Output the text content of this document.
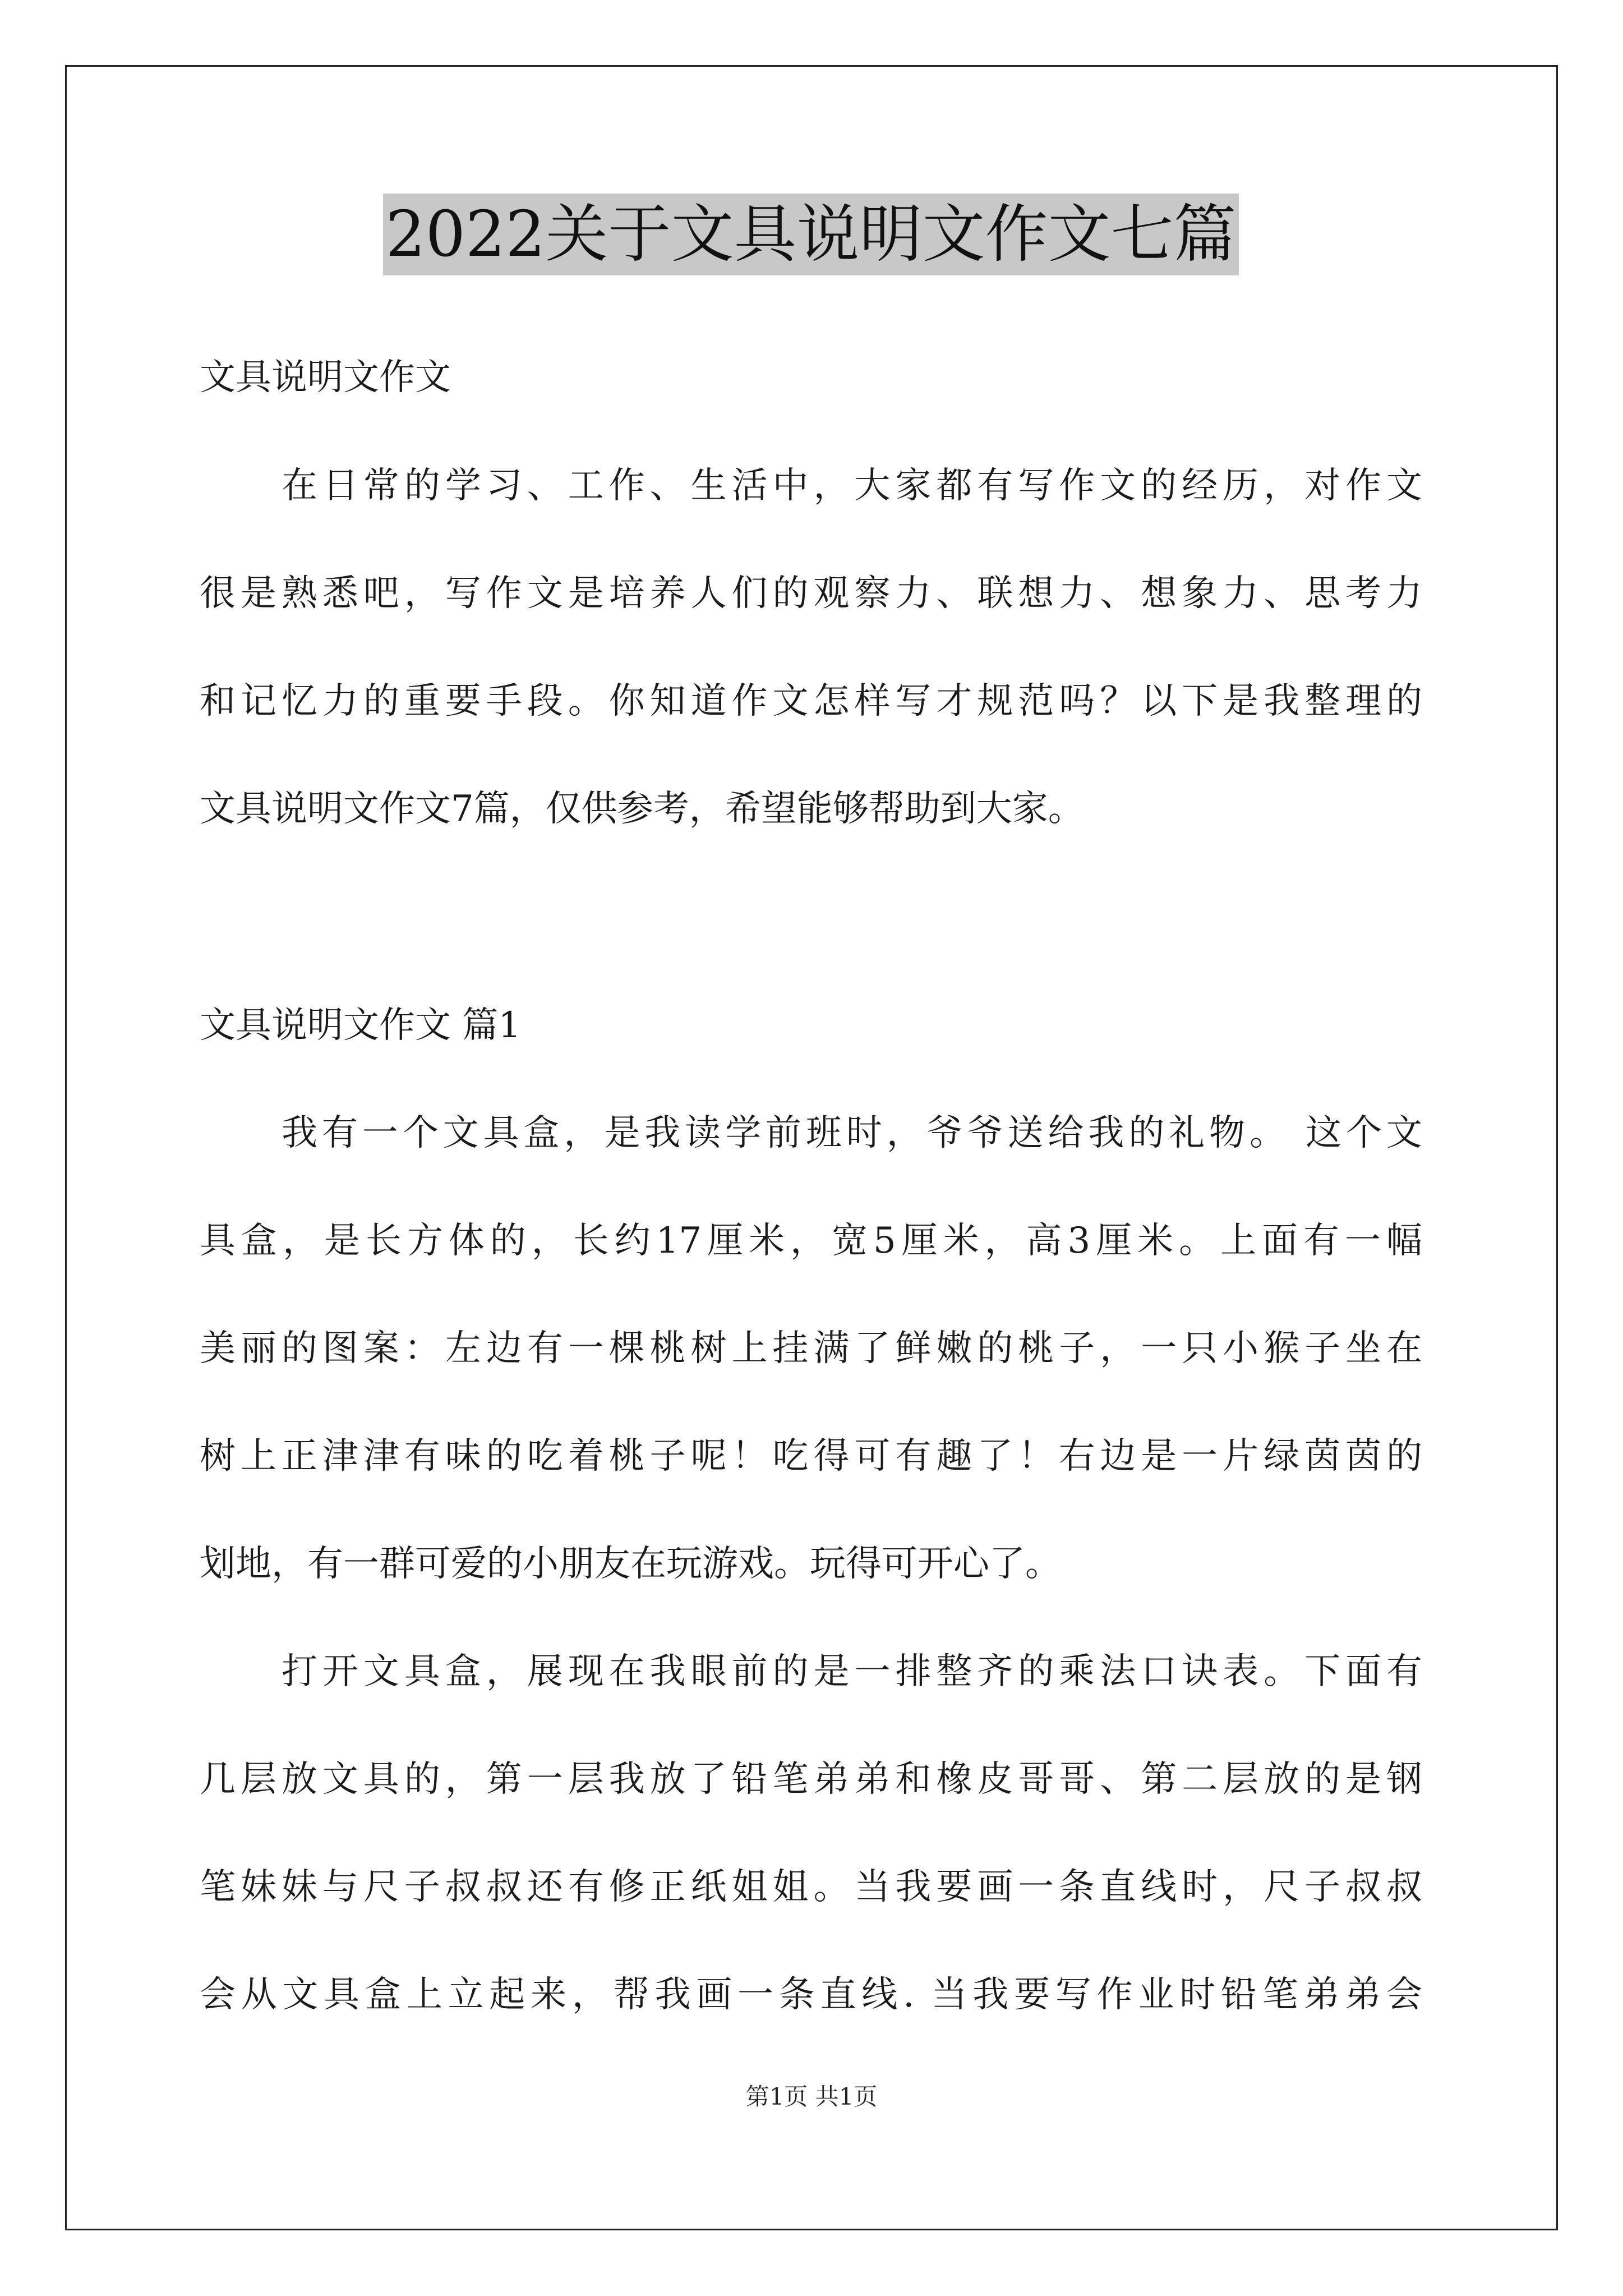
2022关于文具说明文作文七篇
文具说明文作文
在日常的学习、工作、生活中，大家都有写作文的经历，对作文
很是熟悉吧，写作文是培养人们的观察力、联想力、想象力、思考力
和记忆力的重要手段。你知道作文怎样写才规范吗？以下是我整理的
文具说明文作文7篇，仅供参考，希望能够帮助到大家。
文具说明文作文 篇1
我有一个文具盒，是我读学前班时，爷爷送给我的礼物。 这个文
具盒，是长方体的，长约17厘米，宽5厘米，高3厘米。上面有一幅
美丽的图案：左边有一棵桃树上挂满了鲜嫩的桃子，一只小猴子坐在
树上正津津有味的吃着桃子呢！吃得可有趣了！右边是一片绿茵茵的
划地，有一群可爱的小朋友在玩游戏。玩得可开心了。
打开文具盒，展现在我眼前的是一排整齐的乘法口诀表。下面有
几层放文具的，第一层我放了铅笔弟弟和橡皮哥哥、第二层放的是钢
笔妹妹与尺子叔叔还有修正纸姐姐。当我要画一条直线时，尺子叔叔
会从文具盒上立起来，帮我画一条直线. 当我要写作业时铅笔弟弟会
第1页 共1页
